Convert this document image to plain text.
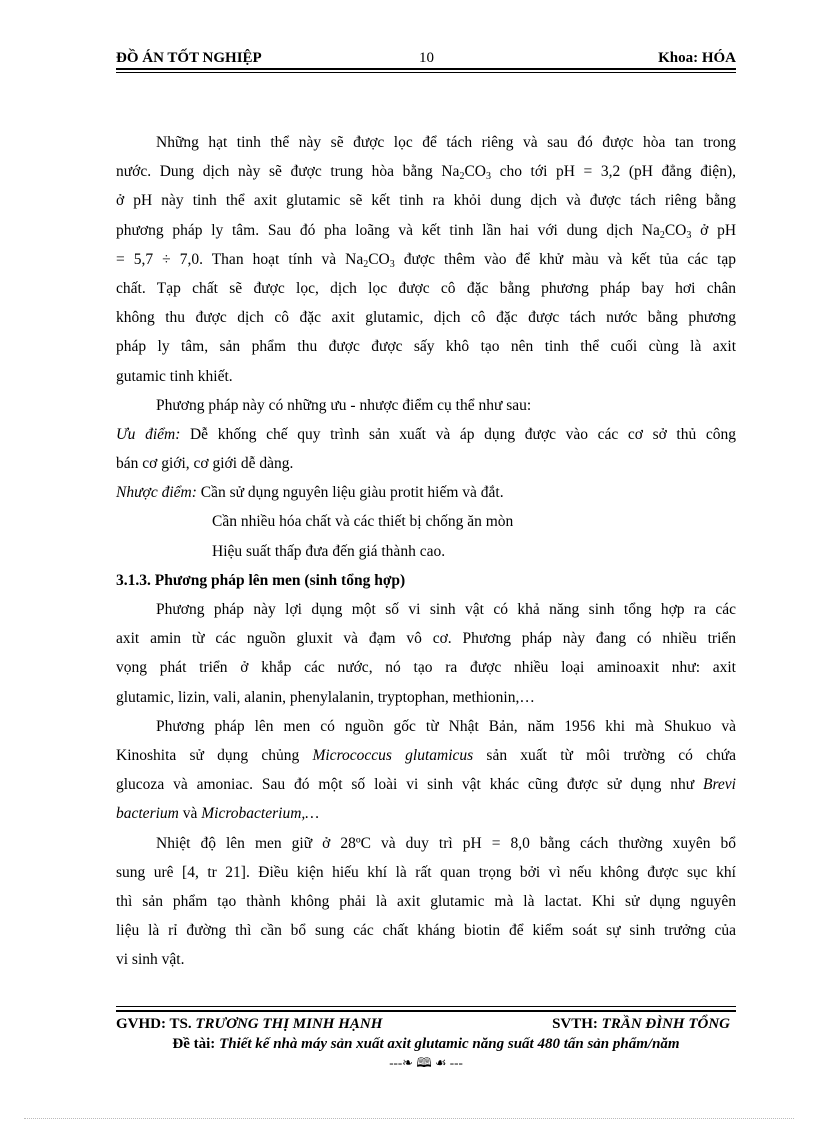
ĐỒ ÁN TỐT NGHIỆP	10	Khoa: HÓA
Những hạt tinh thể này sẽ được lọc để tách riêng và sau đó được hòa tan trong
nước. Dung dịch này sẽ được trung hòa bằng $Na_2CO_3$ cho tới pH = 3,2 (pH đẳng điện),
ở pH này tinh thể axit glutamic sẽ kết tinh ra khỏi dung dịch và được tách riêng bằng
phương pháp ly tâm. Sau đó pha loãng và kết tinh lần hai với dung dịch $Na_2CO_3$ ở pH
= 5,7 ÷ 7,0. Than hoạt tính và $Na_2CO_3$ được thêm vào để khử màu và kết tủa các tạp
chất. Tạp chất sẽ được lọc, dịch lọc được cô đặc bằng phương pháp bay hơi chân
không thu được dịch cô đặc axit glutamic, dịch cô đặc được tách nước bằng phương
pháp ly tâm, sản phẩm thu được được sấy khô tạo nên tinh thể cuối cùng là axit
gutamic tinh khiết.
Phương pháp này có những ưu - nhược điểm cụ thể như sau:
Ưu điểm: Dễ khống chế quy trình sản xuất và áp dụng được vào các cơ sở thủ công
bán cơ giới, cơ giới dễ dàng.
Nhược điểm: Cần sử dụng nguyên liệu giàu protit hiếm và đắt.
Cần nhiều hóa chất và các thiết bị chống ăn mòn
Hiệu suất thấp đưa đến giá thành cao.
3.1.3. Phương pháp lên men (sinh tổng hợp)
Phương pháp này lợi dụng một số vi sinh vật có khả năng sinh tổng hợp ra các
axit amin từ các nguồn gluxit và đạm vô cơ. Phương pháp này đang có nhiều triển
vọng phát triển ở khắp các nước, nó tạo ra được nhiều loại aminoaxit như: axit
glutamic, lizin, vali, alanin, phenylalanin, tryptophan, methionin,…
Phương pháp lên men có nguồn gốc từ Nhật Bản, năm 1956 khi mà Shukuo và
Kinoshita sử dụng chủng Micrococcus glutamicus sản xuất từ môi trường có chứa
glucoza và amoniac. Sau đó một số loài vi sinh vật khác cũng được sử dụng như Brevi
bacterium và Microbacterium,…
Nhiệt độ lên men giữ ở 28ºC và duy trì pH = 8,0 bằng cách thường xuyên bổ
sung urê [4, tr 21]. Điều kiện hiếu khí là rất quan trọng bởi vì nếu không được sục khí
thì sản phẩm tạo thành không phải là axit glutamic mà là lactat. Khi sử dụng nguyên
liệu là rỉ đường thì cần bổ sung các chất kháng biotin để kiểm soát sự sinh trưởng của
vi sinh vật.
GVHD: TS. TRƯƠNG THỊ MINH HẠNH	SVTH: TRẦN ĐÌNH TỔNG
Đề tài: Thiết kế nhà máy sản xuất axit glutamic năng suất 480 tấn sản phẩm/năm
---❧ 🕮 ☙ ---
